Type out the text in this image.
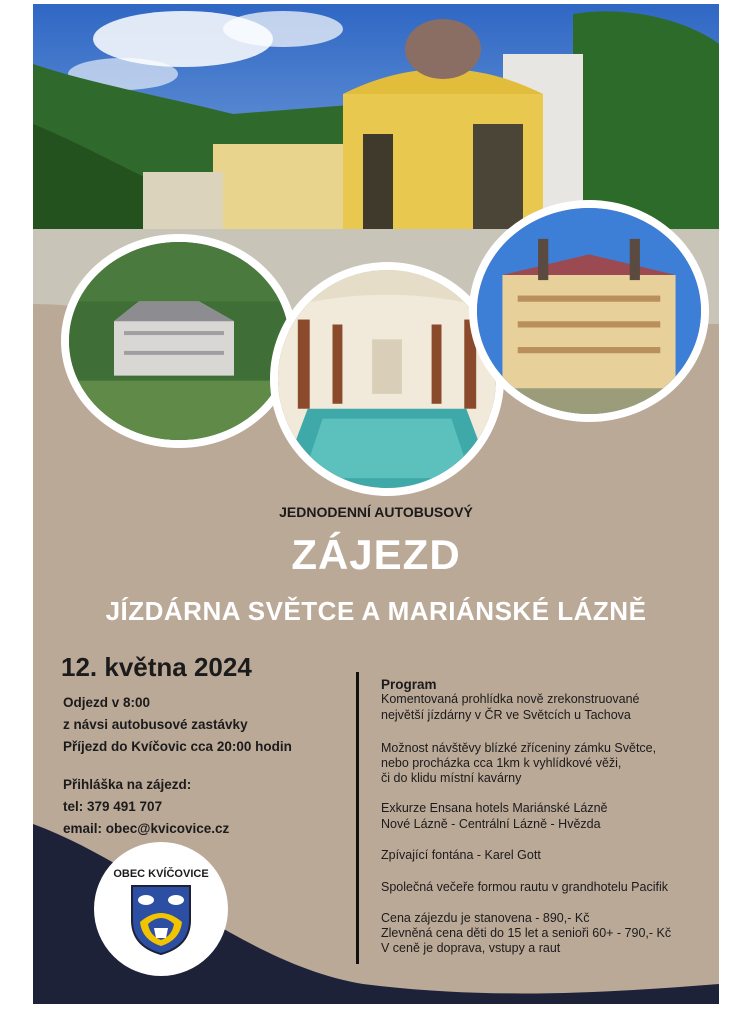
JEDNODENNÍ AUTOBUSOVÝ
ZÁJEZD
JÍZDÁRNA SVĚTCE A MARIÁNSKÉ LÁZNĚ
12. května 2024
Odjezd v 8:00
z návsi autobusové zastávky
Příjezd do Kvíčovic cca 20:00 hodin
Přihláška na zájezd:
tel: 379 491 707
email: obec@kvicovice.cz
Program
Komentovaná prohlídka nově zrekonstruované
největší jízdárny v ČR ve Světcích u Tachova
Možnost návštěvy blízké zříceniny zámku Světce,
nebo procházka cca 1km k vyhlídkové věži,
či do klidu místní kavárny
Exkurze Ensana hotels Mariánské Lázně
Nové Lázně - Centrální Lázně - Hvězda
Zpívající fontána - Karel Gott
Společná večeře formou rautu v grandhotelu Pacifik
Cena zájezdu je stanovena - 890,- Kč
Zlevněná cena děti do 15 let a senioři 60+ - 790,- Kč
V ceně je doprava, vstupy a raut
OBEC KVÍČOVICE
